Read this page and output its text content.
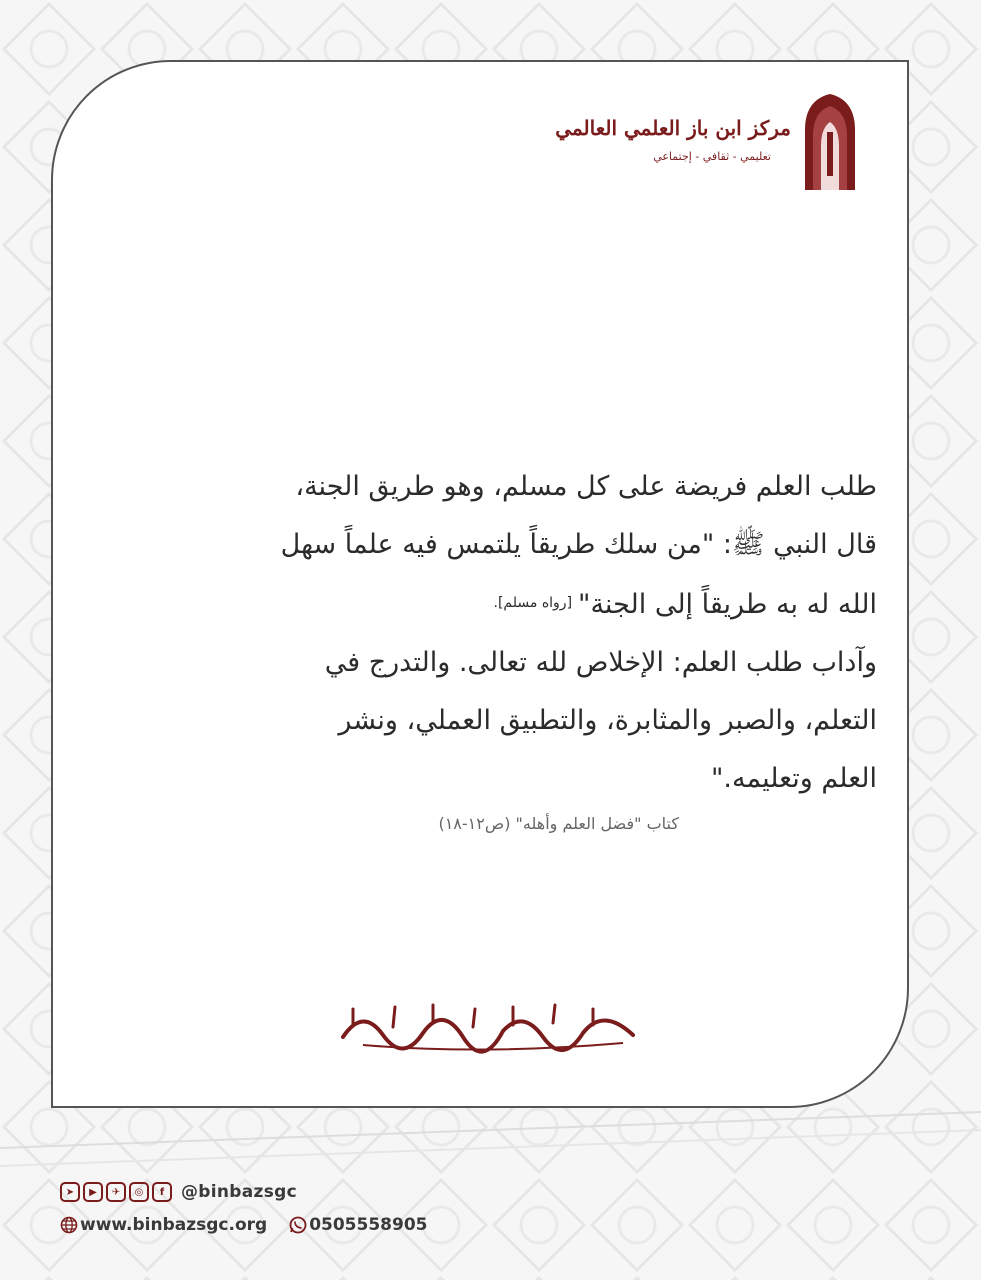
مركز ابن باز العلمي العالمي
تعليمي - ثقافي - إجتماعي

طلب العلم فريضة على كل مسلم، وهو طريق الجنة،

قال النبي ﷺ: "من سلك طريقاً يلتمس فيه علماً سهل

الله له به طريقاً إلى الجنة"$^{[رواه مسلم].}$

وآداب طلب العلم: الإخلاص لله تعالى. والتدرج في

التعلم، والصبر والمثابرة، والتطبيق العملي، ونشر

العلم وتعليمه."

كتاب "فضل العلم وأهله" (ص١٢-١٨)
➤	▶	✈	◎	f @binbazsgc
www.binbazsgc.org 0505558905
